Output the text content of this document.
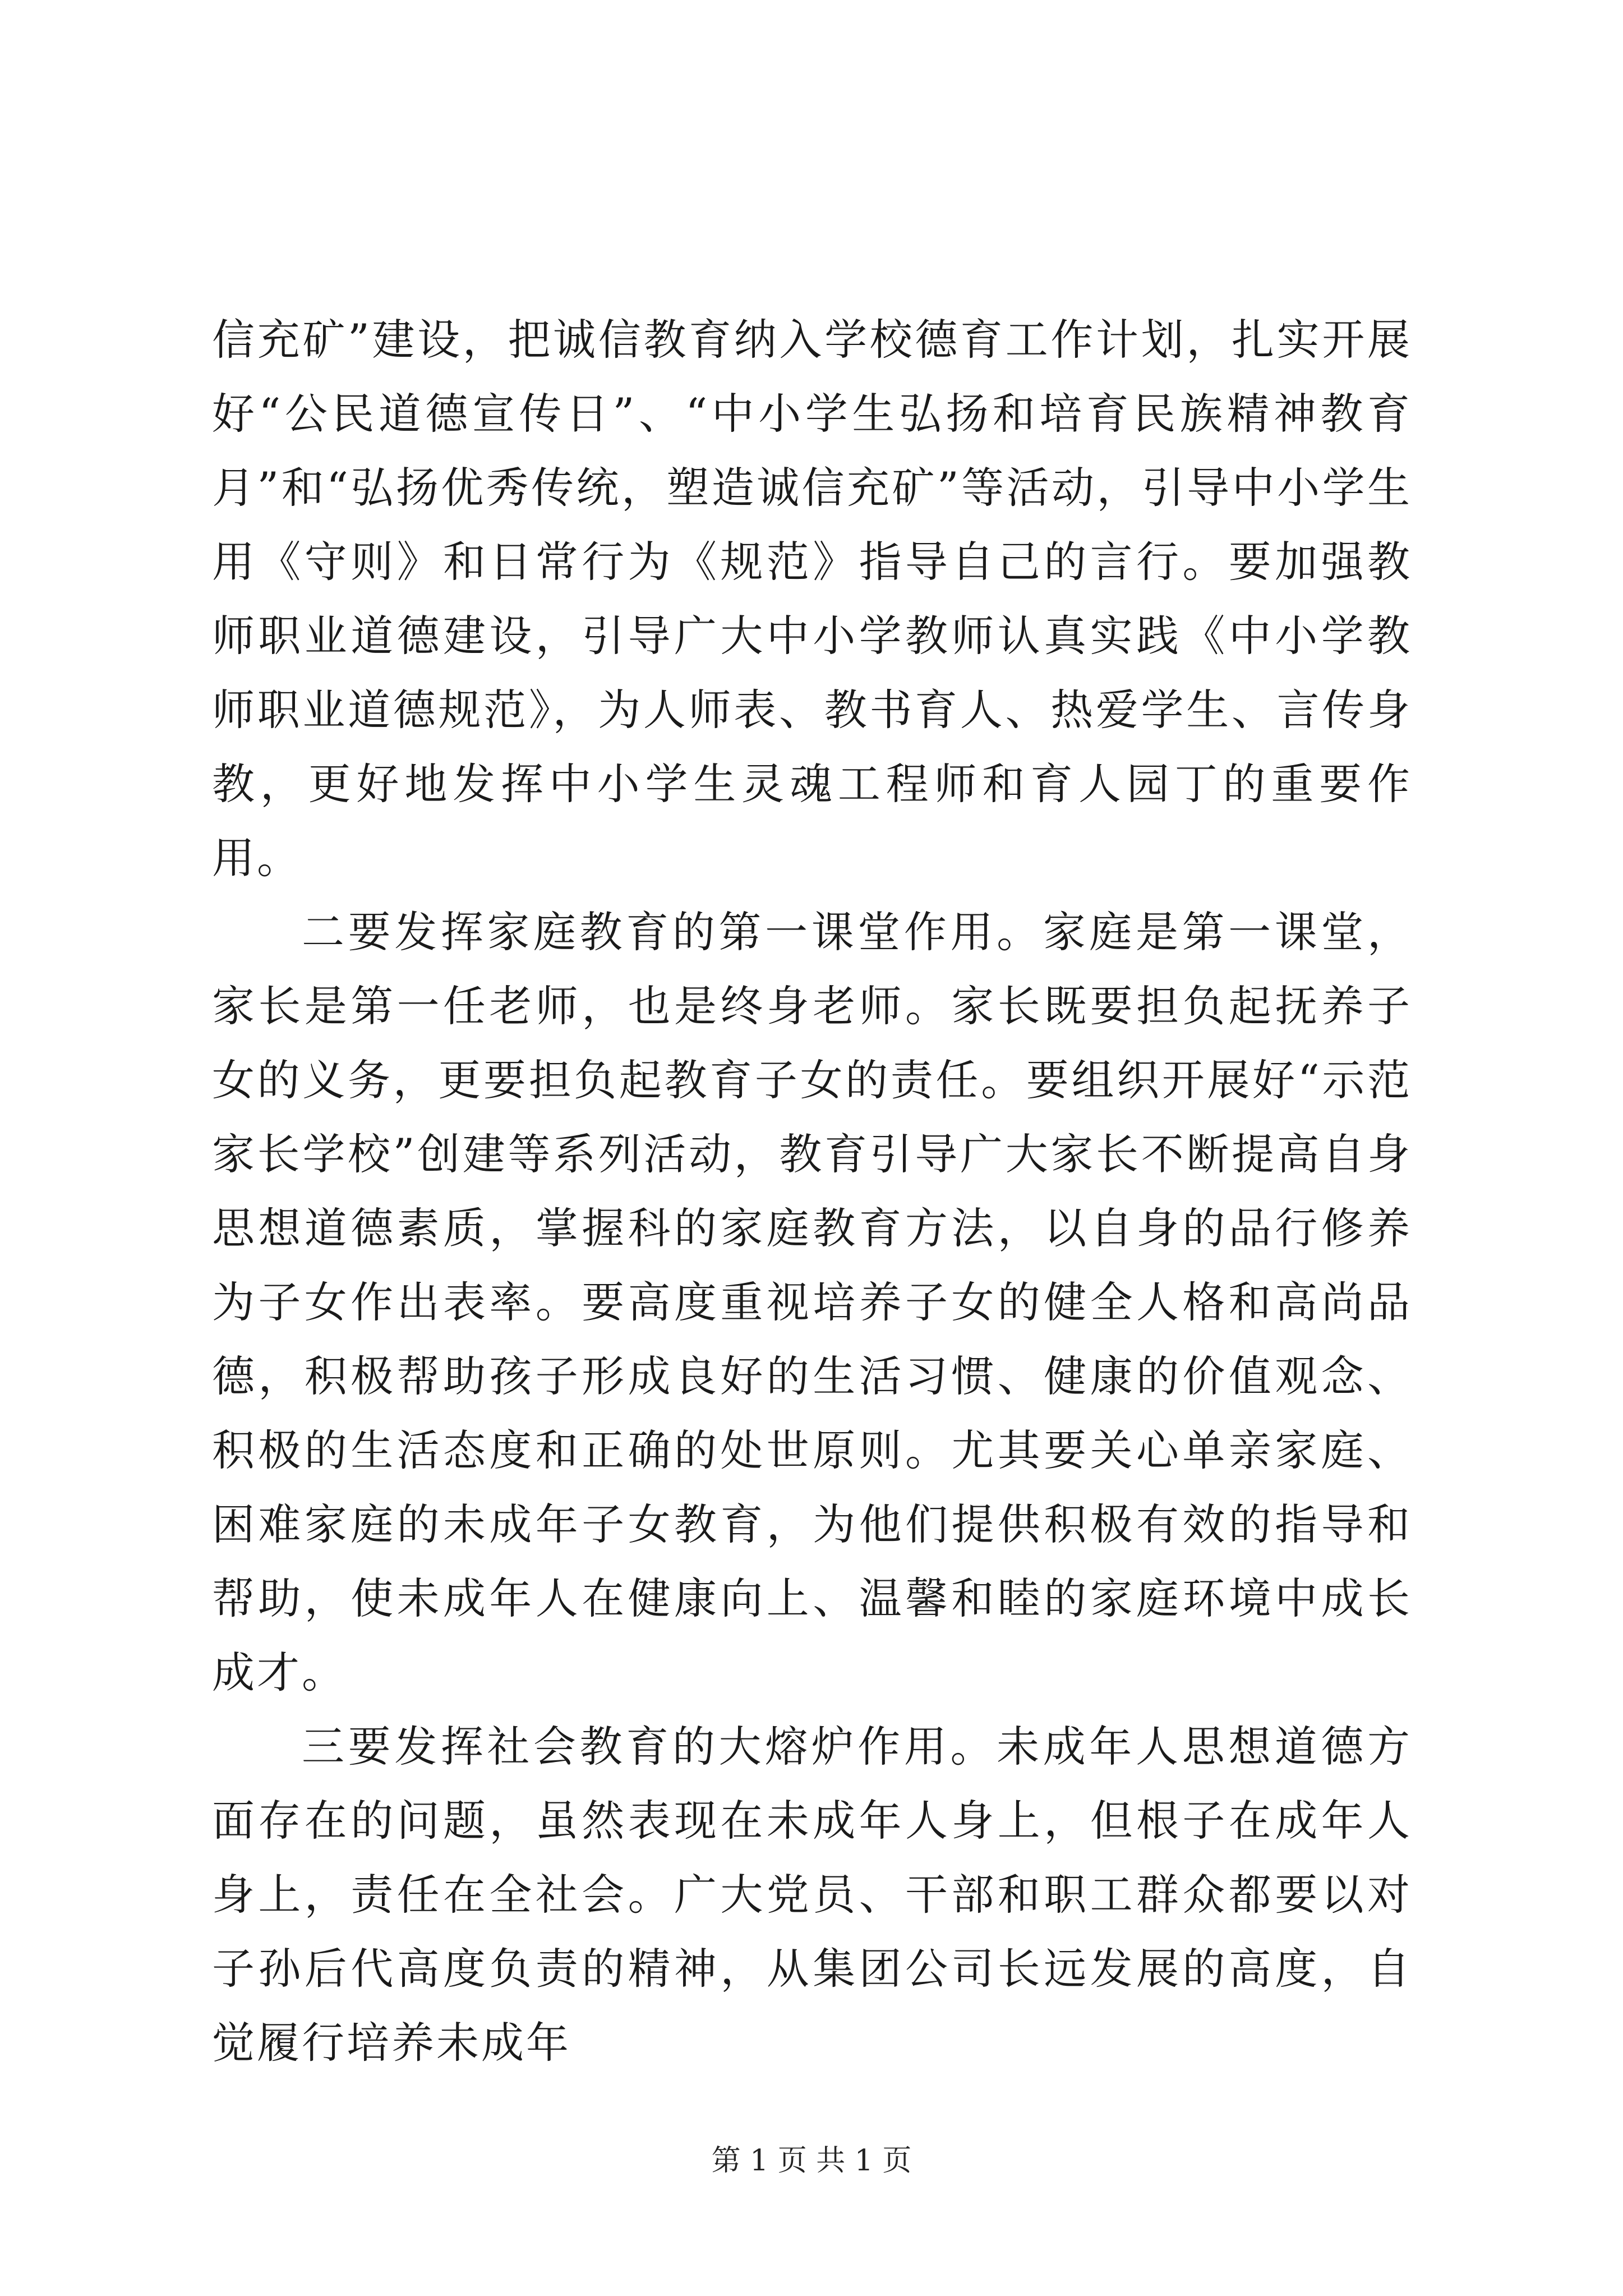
信充矿”建设，把诚信教育纳入学校德育工作计划，扎实开展好“公民道德宣传日”、“中小学生弘扬和培育民族精神教育月”和“弘扬优秀传统，塑造诚信充矿”等活动，引导中小学生用《守则》和日常行为《规范》指导自己的言行。要加强教师职业道德建设，引导广大中小学教师认真实践《中小学教师职业道德规范》，为人师表、教书育人、热爱学生、言传身教，更好地发挥中小学生灵魂工程师和育人园丁的重要作用。

二要发挥家庭教育的第一课堂作用。家庭是第一课堂，家长是第一任老师，也是终身老师。家长既要担负起抚养子女的义务，更要担负起教育子女的责任。要组织开展好“示范家长学校”创建等系列活动，教育引导广大家长不断提高自身思想道德素质，掌握科的家庭教育方法，以自身的品行修养为子女作出表率。要高度重视培养子女的健全人格和高尚品德，积极帮助孩子形成良好的生活习惯、健康的价值观念、积极的生活态度和正确的处世原则。尤其要关心单亲家庭、困难家庭的未成年子女教育，为他们提供积极有效的指导和帮助，使未成年人在健康向上、温馨和睦的家庭环境中成长成才。

三要发挥社会教育的大熔炉作用。未成年人思想道德方面存在的问题，虽然表现在未成年人身上，但根子在成年人身上，责任在全社会。广大党员、干部和职工群众都要以对子孙后代高度负责的精神，从集团公司长远发展的高度，自觉履行培养未成年

第 1 页 共 1 页
